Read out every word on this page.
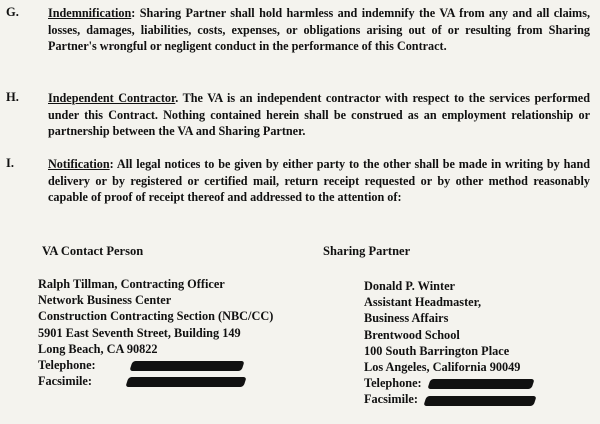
G. Indemnification: Sharing Partner shall hold harmless and indemnify the VA from any and all claims, losses, damages, liabilities, costs, expenses, or obligations arising out of or resulting from Sharing Partner's wrongful or negligent conduct in the performance of this Contract.
H. Independent Contractor. The VA is an independent contractor with respect to the services performed under this Contract. Nothing contained herein shall be construed as an employment relationship or partnership between the VA and Sharing Partner.
I.	Notification: All legal notices to be given by either party to the other shall be made in writing by hand delivery or by registered or certified mail, return receipt requested or by other method reasonably capable of proof of receipt thereof and addressed to the attention of:
VA Contact Person	Sharing Partner
Ralph Tillman, Contracting Officer
Network Business Center
Construction Contracting Section (NBC/CC)
5901 East Seventh Street, Building 149
Long Beach, CA 90822
Telephone:
Facsimile:
Donald P. Winter
Assistant Headmaster,
Business Affairs
Brentwood School
100 South Barrington Place
Los Angeles, California 90049
Telephone:
Facsimile:
